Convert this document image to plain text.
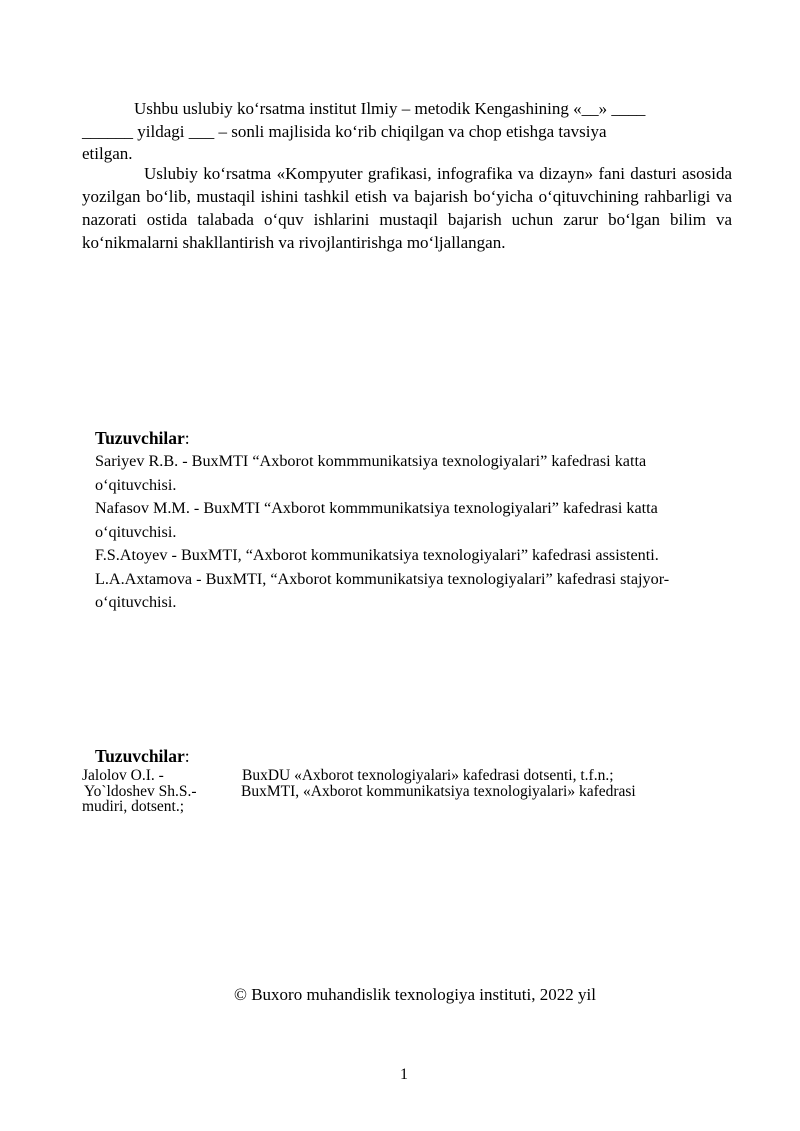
Ushbu uslubiy ko‘rsatma institut Ilmiy – metodik Kengashining «__» ____
______ yildagi ___ – sonli majlisida ko‘rib chiqilgan va chop etishga tavsiya
etilgan.
Uslubiy ko‘rsatma «Kompyuter grafikasi, infografika va dizayn» fani dasturi asosida yozilgan bo‘lib, mustaqil ishini tashkil etish va bajarish bo‘yicha o‘qituvchining rahbarligi va nazorati ostida talabada o‘quv ishlarini mustaqil bajarish uchun zarur bo‘lgan bilim va ko‘nikmalarni shakllantirish va rivojlantirishga mo‘ljallangan.
Tuzuvchilar:
Sariyev R.B. - BuxMTI “Axborot kommmunikatsiya texnologiyalari” kafedrasi katta
o‘qituvchisi.
Nafasov M.M. - BuxMTI “Axborot kommmunikatsiya texnologiyalari” kafedrasi katta
o‘qituvchisi.
F.S.Atoyev - BuxMTI, “Axborot kommunikatsiya texnologiyalari” kafedrasi assistenti.
L.A.Axtamova - BuxMTI, “Axborot kommunikatsiya texnologiyalari” kafedrasi stajyor-
o‘qituvchisi.
Tuzuvchilar:
Jalolov O.I. -	BuxDU «Axborot texnologiyalari» kafedrasi dotsenti, t.f.n.;
Yo`ldoshev Sh.S.-	BuxMTI, «Axborot kommunikatsiya texnologiyalari» kafedrasi
mudiri, dotsent.;
© Buxoro muhandislik texnologiya instituti, 2022 yil
1
